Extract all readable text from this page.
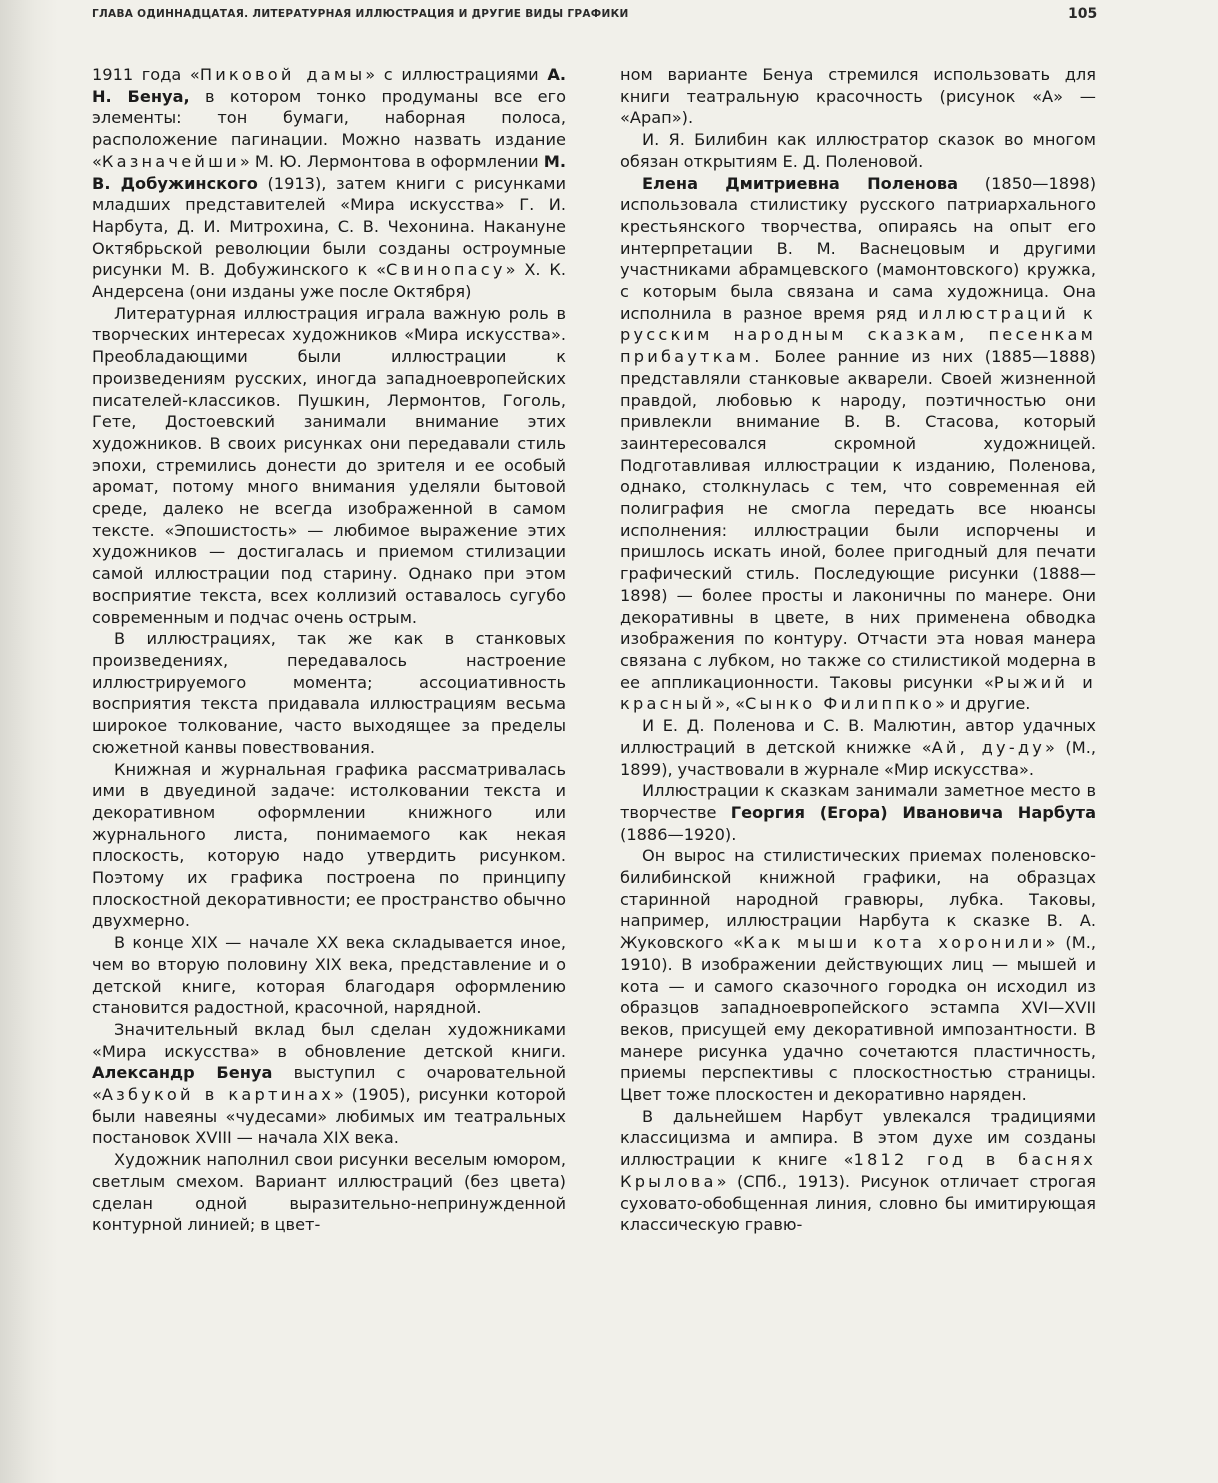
ГЛАВА ОДИННАДЦАТАЯ. ЛИТЕРАТУРНАЯ ИЛЛЮСТРАЦИЯ И ДРУГИЕ ВИДЫ ГРАФИКИ	105

1911 года «Пиковой дамы» с иллюстрациями А. Н. Бенуа, в котором тонко продуманы все его элементы: тон бумаги, наборная полоса, расположение пагинации. Можно назвать издание «Казначейши» М. Ю. Лермонтова в оформлении М. В. Добужинского (1913), затем книги с рисунками младших представителей «Мира искусства» Г. И. Нарбута, Д. И. Митрохина, С. В. Чехонина. Накануне Октябрьской революции были созданы остроумные рисунки М. В. Добужинского к «Свинопасу» Х. К. Андерсена (они изданы уже после Октября)

Литературная иллюстрация играла важную роль в творческих интересах художников «Мира искусства». Преобладающими были иллюстрации к произведениям русских, иногда западноевропейских писателей-классиков. Пушкин, Лермонтов, Гоголь, Гете, Достоевский занимали внимание этих художников. В своих рисунках они передавали стиль эпохи, стремились донести до зрителя и ее особый аромат, потому много внимания уделяли бытовой среде, далеко не всегда изображенной в самом тексте. «Эпошистость» — любимое выражение этих художников — достигалась и приемом стилизации самой иллюстрации под старину. Однако при этом восприятие текста, всех коллизий оставалось сугубо современным и подчас очень острым.

В иллюстрациях, так же как в станковых произведениях, передавалось настроение иллюстрируемого момента; ассоциативность восприятия текста придавала иллюстрациям весьма широкое толкование, часто выходящее за пределы сюжетной канвы повествования.

Книжная и журнальная графика рассматривалась ими в двуединой задаче: истолковании текста и декоративном оформлении книжного или журнального листа, понимаемого как некая плоскость, которую надо утвердить рисунком. Поэтому их графика построена по принципу плоскостной декоративности; ее пространство обычно двухмерно.

В конце XIX — начале XX века складывается иное, чем во вторую половину XIX века, представление и о детской книге, которая благодаря оформлению становится радостной, красочной, нарядной.

Значительный вклад был сделан художниками «Мира искусства» в обновление детской книги. Александр Бенуа выступил с очаровательной «Азбукой в картинах» (1905), рисунки которой были навеяны «чудесами» любимых им театральных постановок XVIII — начала XIX века.

Художник наполнил свои рисунки веселым юмором, светлым смехом. Вариант иллюстраций (без цвета) сделан одной выразительно-непринужденной контурной линией; в цвет-

ном варианте Бенуа стремился использовать для книги театральную красочность (рисунок «А» — «Арап»).

И. Я. Билибин как иллюстратор сказок во многом обязан открытиям Е. Д. Поленовой.

Елена Дмитриевна Поленова (1850—1898) использовала стилистику русского патриархального крестьянского творчества, опираясь на опыт его интерпретации В. М. Васнецовым и другими участниками абрамцевского (мамонтовского) кружка, с которым была связана и сама художница. Она исполнила в разное время ряд иллюстраций к русским народным сказкам, песенкам прибауткам. Более ранние из них (1885—1888) представляли станковые акварели. Своей жизненной правдой, любовью к народу, поэтичностью они привлекли внимание В. В. Стасова, который заинтересовался скромной художницей. Подготавливая иллюстрации к изданию, Поленова, однако, столкнулась с тем, что современная ей полиграфия не смогла передать все нюансы исполнения: иллюстрации были испорчены и пришлось искать иной, более пригодный для печати графический стиль. Последующие рисунки (1888—1898) — более просты и лаконичны по манере. Они декоративны в цвете, в них применена обводка изображения по контуру. Отчасти эта новая манера связана с лубком, но также со стилистикой модерна в ее аппликационности. Таковы рисунки «Рыжий и красный», «Сынко Филиппко» и другие.

И Е. Д. Поленова и С. В. Малютин, автор удачных иллюстраций в детской книжке «Ай, ду-ду» (М., 1899), участвовали в журнале «Мир искусства».

Иллюстрации к сказкам занимали заметное место в творчестве Георгия (Егора) Ивановича Нарбута (1886—1920).

Он вырос на стилистических приемах поленовско-билибинской книжной графики, на образцах старинной народной гравюры, лубка. Таковы, например, иллюстрации Нарбута к сказке В. А. Жуковского «Как мыши кота хоронили» (М., 1910). В изображении действующих лиц — мышей и кота — и самого сказочного городка он исходил из образцов западноевропейского эстампа XVI—XVII веков, присущей ему декоративной импозантности. В манере рисунка удачно сочетаются пластичность, приемы перспективы с плоскостностью страницы. Цвет тоже плоскостен и декоративно наряден.

В дальнейшем Нарбут увлекался традициями классицизма и ампира. В этом духе им созданы иллюстрации к книге «1812 год в баснях Крылова» (СПб., 1913). Рисунок отличает строгая суховато-обобщенная линия, словно бы имитирующая классическую гравю-
